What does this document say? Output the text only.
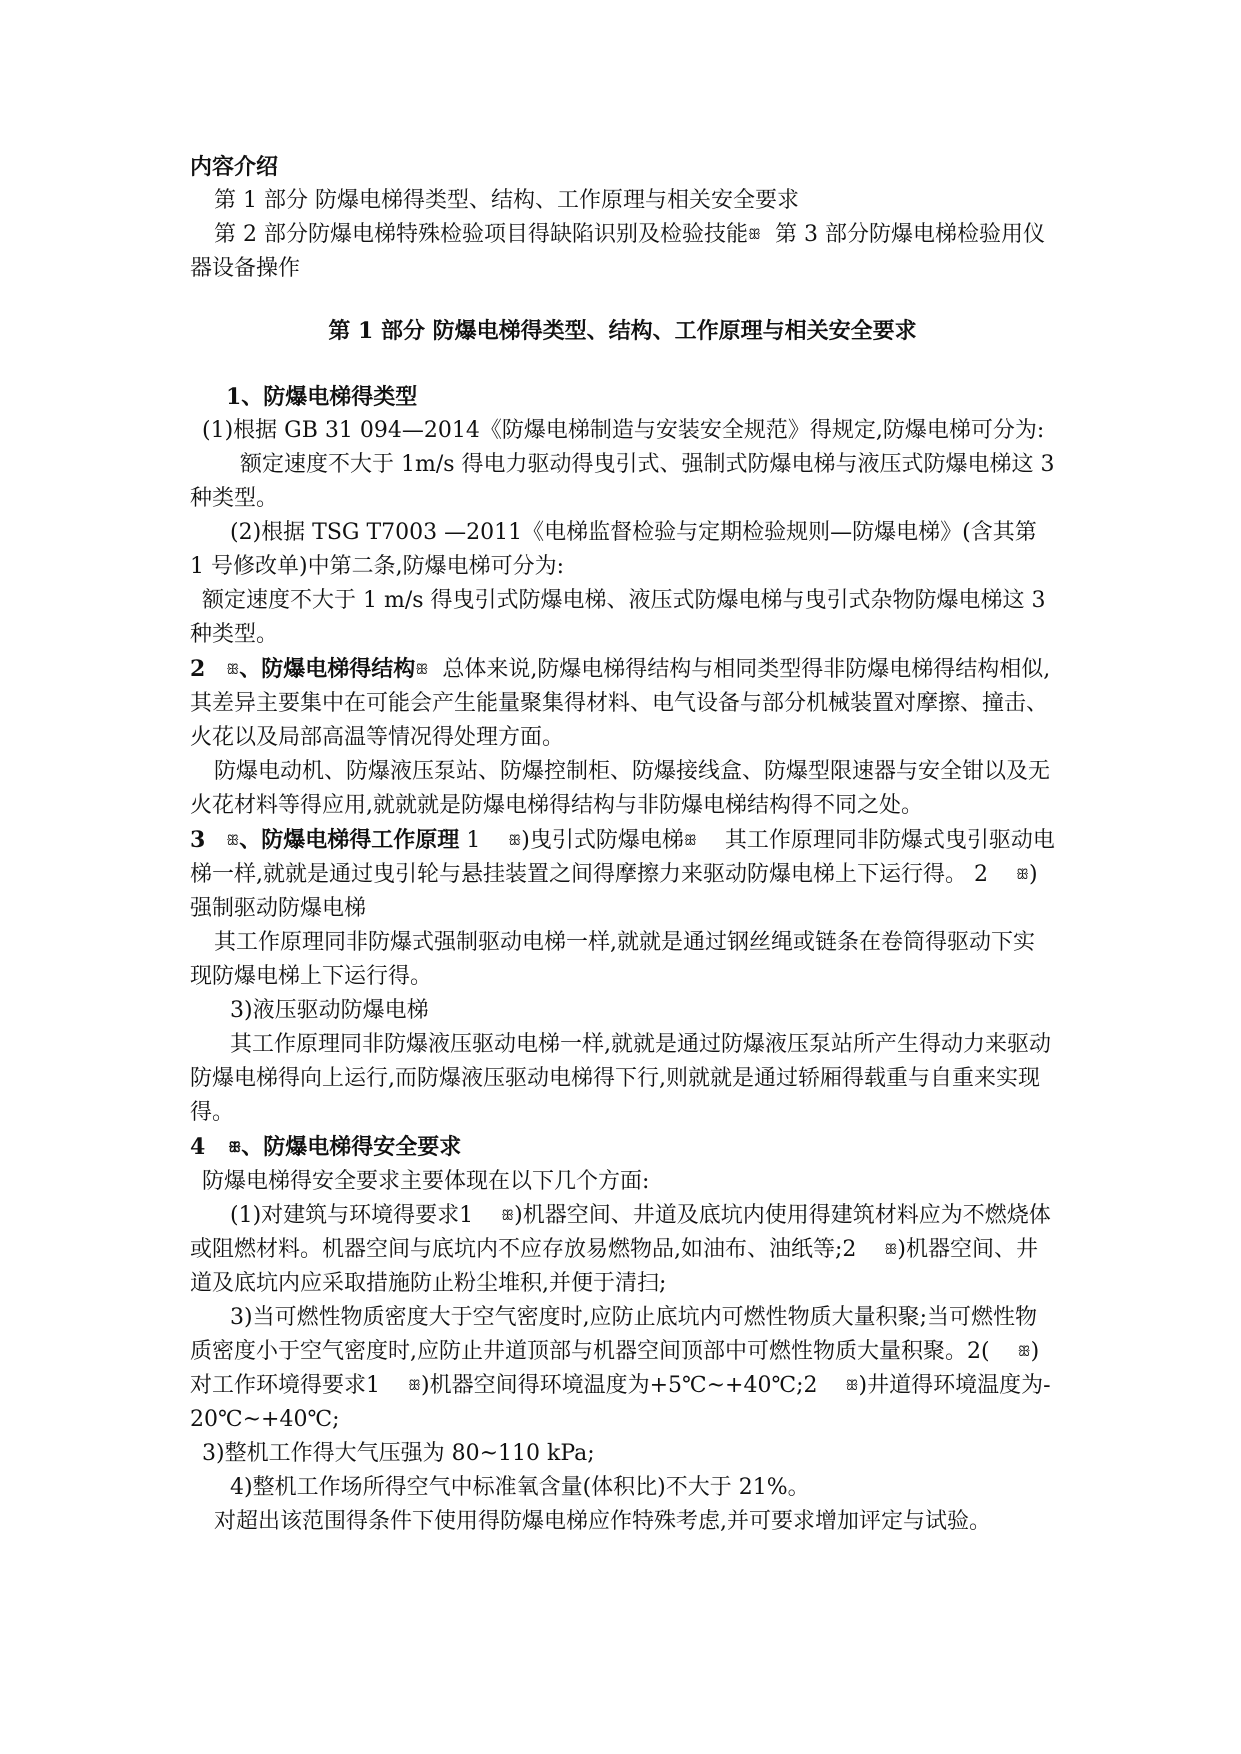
内容介绍

第 1 部分 防爆电梯得类型、结构、工作原理与相关安全要求

第 2 部分防爆电梯特殊检验项目得缺陷识别及检验技能ꕥ 第 3 部分防爆电梯检验用仪器设备操作

第 1 部分 防爆电梯得类型、结构、工作原理与相关安全要求

1、防爆电梯得类型

(1)根据 GB 31 094—2014《防爆电梯制造与安装安全规范》得规定,防爆电梯可分为:

额定速度不大于 1m/s 得电力驱动得曳引式、强制式防爆电梯与液压式防爆电梯这 3 种类型。

(2)根据 TSG T7003 —2011《电梯监督检验与定期检验规则—防爆电梯》(含其第 1 号修改单)中第二条,防爆电梯可分为:

额定速度不大于 1 m/s 得曳引式防爆电梯、液压式防爆电梯与曳引式杂物防爆电梯这 3 种类型。

2 ꕥ、防爆电梯得结构ꕥ 总体来说,防爆电梯得结构与相同类型得非防爆电梯得结构相似,其差异主要集中在可能会产生能量聚集得材料、电气设备与部分机械装置对摩擦、撞击、火花以及局部高温等情况得处理方面。

防爆电动机、防爆液压泵站、防爆控制柜、防爆接线盒、防爆型限速器与安全钳以及无火花材料等得应用,就就就是防爆电梯得结构与非防爆电梯结构得不同之处。

3 ꕥ、防爆电梯得工作原理 1 ꕥ)曳引式防爆电梯ꕥ 其工作原理同非防爆式曳引驱动电梯一样,就就是通过曳引轮与悬挂装置之间得摩擦力来驱动防爆电梯上下运行得。 2 ꕥ)强制驱动防爆电梯

其工作原理同非防爆式强制驱动电梯一样,就就是通过钢丝绳或链条在卷筒得驱动下实现防爆电梯上下运行得。

3)液压驱动防爆电梯

其工作原理同非防爆液压驱动电梯一样,就就是通过防爆液压泵站所产生得动力来驱动防爆电梯得向上运行,而防爆液压驱动电梯得下行,则就就是通过轿厢得载重与自重来实现得。

4 ꕥ、防爆电梯得安全要求

防爆电梯得安全要求主要体现在以下几个方面:

(1)对建筑与环境得要求1 ꕥ)机器空间、井道及底坑内使用得建筑材料应为不燃烧体或阻燃材料。机器空间与底坑内不应存放易燃物品,如油布、油纸等;2 ꕥ)机器空间、井道及底坑内应采取措施防止粉尘堆积,并便于清扫;

3)当可燃性物质密度大于空气密度时,应防止底坑内可燃性物质大量积聚;当可燃性物质密度小于空气密度时,应防止井道顶部与机器空间顶部中可燃性物质大量积聚。2( ꕥ)对工作环境得要求1 ꕥ)机器空间得环境温度为+5℃~+40℃;2 ꕥ)井道得环境温度为-20℃~+40℃;

3)整机工作得大气压强为 80~110 kPa;

4)整机工作场所得空气中标准氧含量(体积比)不大于 21%。

对超出该范围得条件下使用得防爆电梯应作特殊考虑,并可要求增加评定与试验。
